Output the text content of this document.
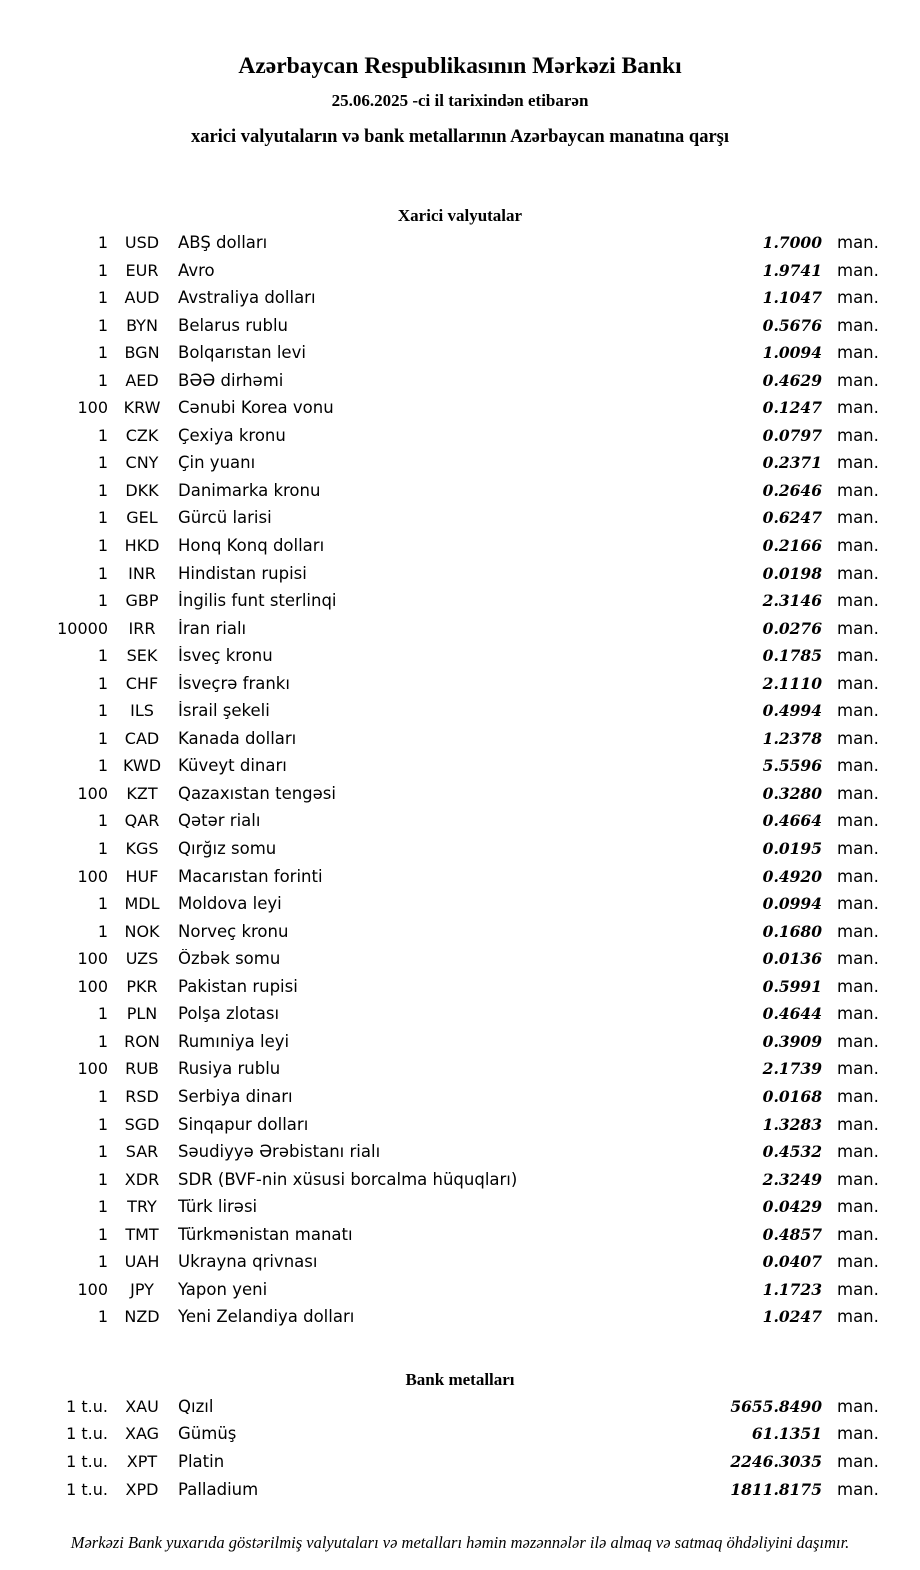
Azərbaycan Respublikasının Mərkəzi Bankı
25.06.2025 -ci il tarixindən etibarən
xarici valyutaların və bank metallarının Azərbaycan manatına qarşı
Xarici valyutalar
1	USD	ABŞ dolları	1.7000 man.
1	EUR	Avro	1.9741 man.
1	AUD	Avstraliya dolları	1.1047 man.
1	BYN	Belarus rublu	0.5676 man.
1	BGN	Bolqarıstan levi	1.0094 man.
1	AED	BƏƏ dirhəmi	0.4629 man.
100 KRW	Cənubi Korea vonu	0.1247 man.
1	CZK	Çexiya kronu	0.0797 man.
1	CNY	Çin yuanı	0.2371 man.
1	DKK	Danimarka kronu	0.2646 man.
1	GEL	Gürcü larisi	0.6247 man.
1	HKD	Honq Konq dolları	0.2166 man.
1	INR	Hindistan rupisi	0.0198 man.
1	GBP	İngilis funt sterlinqi	2.3146 man.
10000	IRR	İran rialı	0.0276 man.
1	SEK	İsveç kronu	0.1785 man.
1	CHF	İsveçrə frankı	2.1110 man.
1	ILS	İsrail şekeli	0.4994 man.
1	CAD	Kanada dolları	1.2378 man.
1 KWD	Küveyt dinarı	5.5596 man.
100	KZT	Qazaxıstan tengəsi	0.3280 man.
1	QAR	Qətər rialı	0.4664 man.
1	KGS	Qırğız somu	0.0195 man.
100	HUF	Macarıstan forinti	0.4920 man.
1	MDL	Moldova leyi	0.0994 man.
1	NOK	Norveç kronu	0.1680 man.
100	UZS	Özbək somu	0.0136 man.
100	PKR	Pakistan rupisi	0.5991 man.
1	PLN	Polşa zlotası	0.4644 man.
1	RON	Rumıniya leyi	0.3909 man.
100	RUB	Rusiya rublu	2.1739 man.
1	RSD	Serbiya dinarı	0.0168 man.
1	SGD	Sinqapur dolları	1.3283 man.
1	SAR	Səudiyyə Ərəbistanı rialı	0.4532 man.
1	XDR	SDR (BVF-nin xüsusi borcalma hüquqları)	2.3249 man.
1	TRY	Türk lirəsi	0.0429 man.
1	TMT	Türkmənistan manatı	0.4857 man.
1	UAH	Ukrayna qrivnası	0.0407 man.
100	JPY	Yapon yeni	1.1723 man.
1	NZD	Yeni Zelandiya dolları	1.0247 man.
Bank metalları
1 t.u.	XAU	Qızıl	5655.8490 man.
1 t.u.	XAG	Gümüş	61.1351 man.
1 t.u.	XPT	Platin	2246.3035 man.
1 t.u.	XPD	Palladium	1811.8175 man.
Mərkəzi Bank yuxarıda göstərilmiş valyutaları və metalları həmin məzənnələr ilə almaq və satmaq öhdəliyini daşımır.
